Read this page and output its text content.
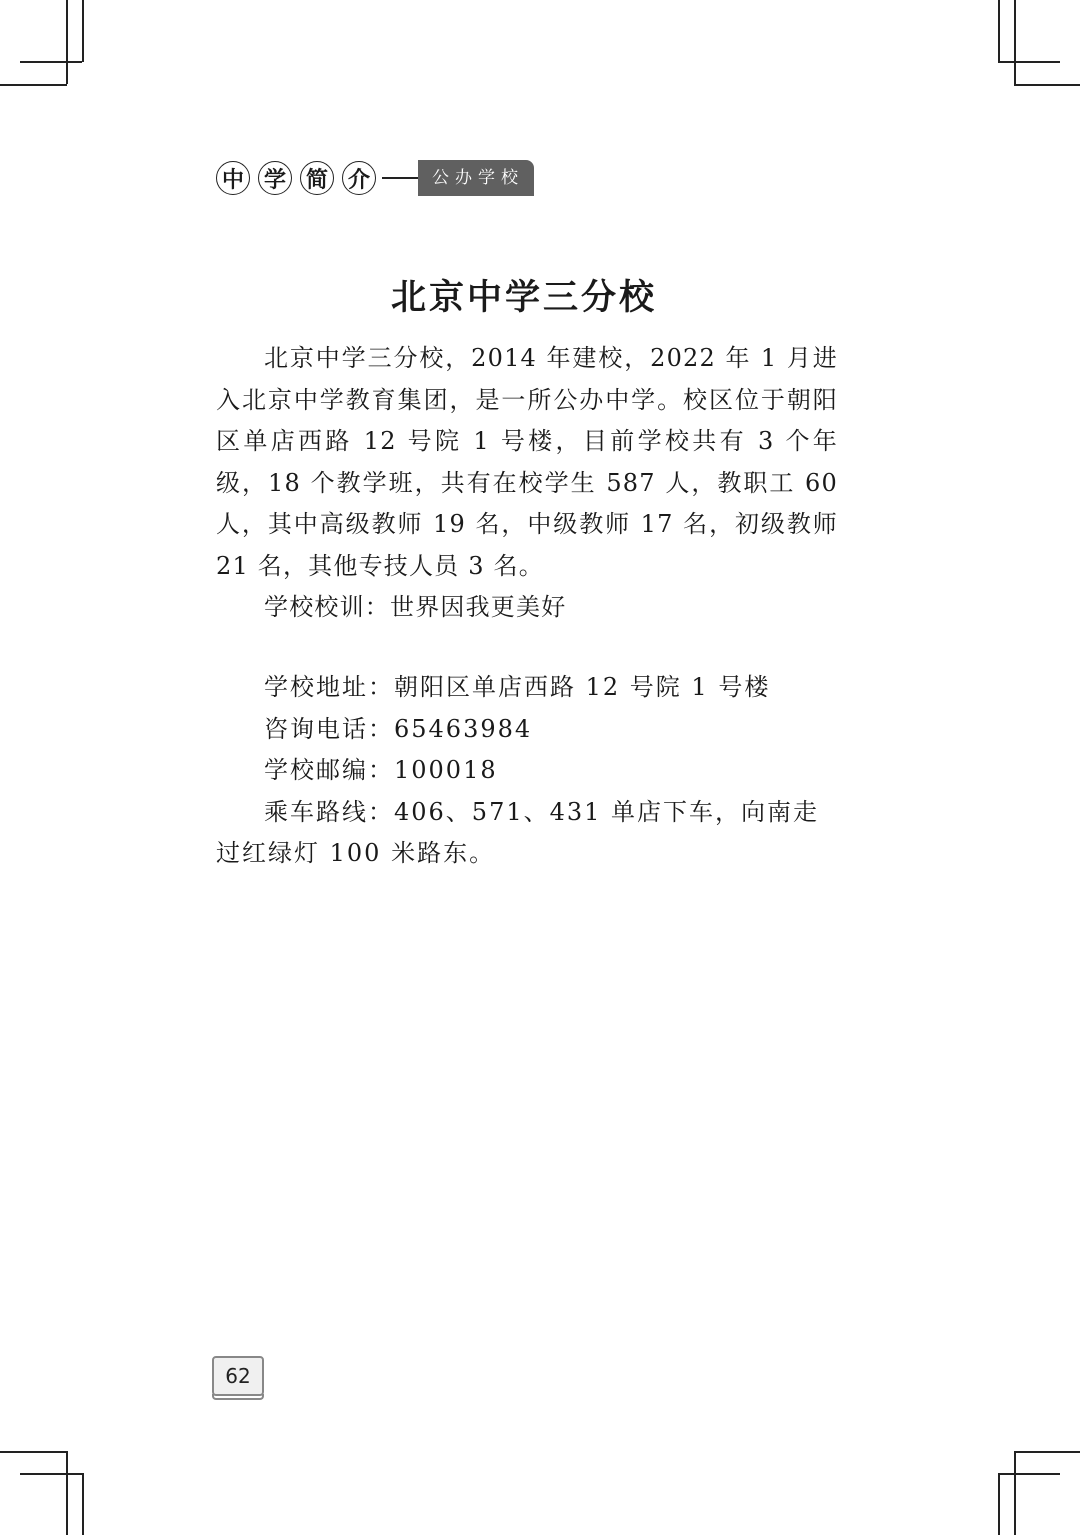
中 学 简 介	公办学校
北京中学三分校

北京中学三分校，2014 年建校，2022 年 1 月进入北京中学教育集团，是一所公办中学。校区位于朝阳区单店西路 12 号院 1 号楼，目前学校共有 3 个年级，18 个教学班，共有在校学生 587 人，教职工 60 人，其中高级教师 19 名，中级教师 17 名，初级教师 21 名，其他专技人员 3 名。

学校校训：世界因我更美好

学校地址：朝阳区单店西路 12 号院 1 号楼

咨询电话：65463984

学校邮编：100018

乘车路线：406、571、431 单店下车，向南走过红绿灯 100 米路东。

62
